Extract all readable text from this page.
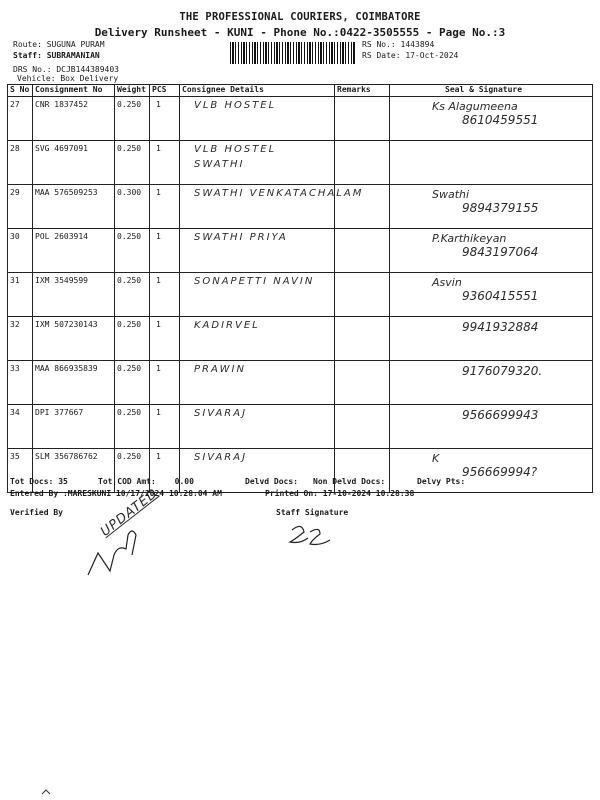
THE PROFESSIONAL COURIERS, COIMBATORE
Delivery Runsheet - KUNI - Phone No.:0422-3505555 - Page No.:3
Route: SUGUNA PURAM
Staff: SUBRAMANIAN
DRS No.: DCJB144389403
Vehicle: Box Delivery
RS No.: 1443894
RS Date: 17-Oct-2024
S No	Consignment No	Weight	PCS	Consignee Details	Remarks	Seal & Signature
27	CNR 1837452	0.250	1	VLB HOSTEL		Ks Alagumeena
8610459551

28	SVG 4697091	0.250	1	VLB HOSTEL
SWATHI		

29	MAA 576509253	0.300	1	SWATHI VENKATACHALAM		Swathi
9894379155

30	POL 2603914	0.250	1	SWATHI PRIYA		P.Karthikeyan
9843197064

31	IXM 3549599	0.250	1	SONAPETTI NAVIN		Asvin
9360415551

32	IXM 507230143	0.250	1	KADIRVEL		9941932884

33	MAA 866935839	0.250	1	PRAWIN		9176079320.

34	DPI 377667	0.250	1	SIVARAJ		9566699943

35	SLM 356786762	0.250	1	SIVARAJ		K
956669994?
Tot Docs: 35	Tot COD Amt: 0.00	Delvd Docs: Non Delvd Docs:	Delvy Pts:
Entered By :MARESKUNI 10/17/2024 10:28:04 AM	Printed On: 17-10-2024 10:28:38
Verified By	Staff Signature
UPDATED
